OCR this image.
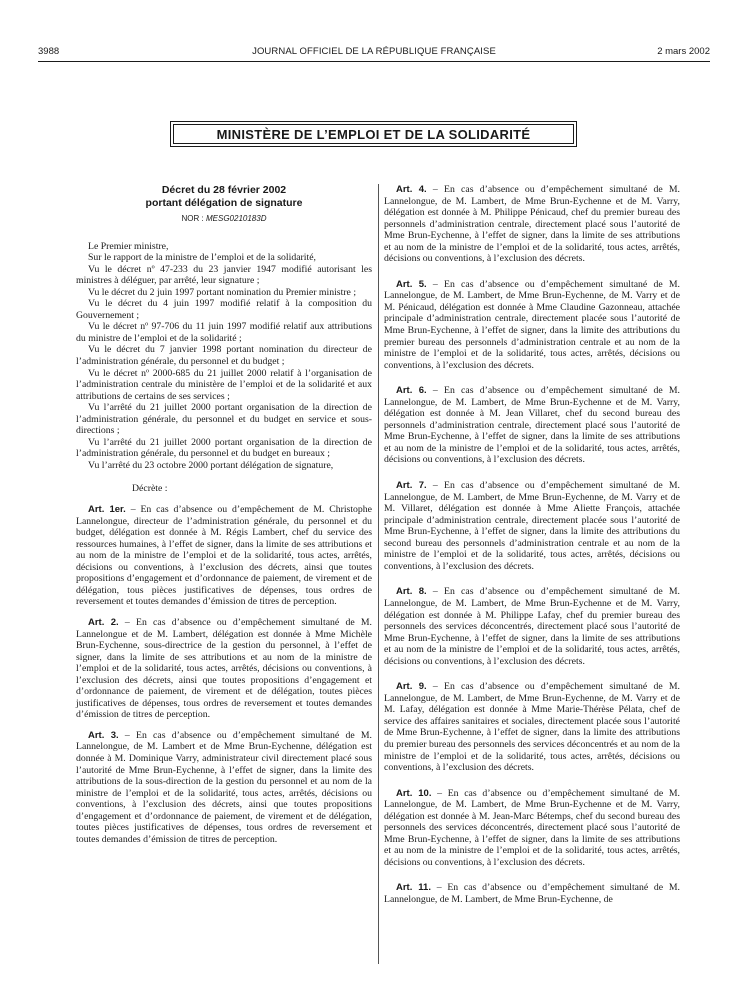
3988	JOURNAL OFFICIEL DE LA RÉPUBLIQUE FRANÇAISE	2 mars 2002
MINISTÈRE DE L’EMPLOI ET DE LA SOLIDARITÉ
Décret du 28 février 2002
portant délégation de signature
NOR : MESG0210183D

Le Premier ministre,

Sur le rapport de la ministre de l’emploi et de la solidarité,

Vu le décret nº 47-233 du 23 janvier 1947 modifié autorisant les ministres à déléguer, par arrêté, leur signature ;

Vu le décret du 2 juin 1997 portant nomination du Premier ministre ;

Vu le décret du 4 juin 1997 modifié relatif à la composition du Gouvernement ;

Vu le décret nº 97-706 du 11 juin 1997 modifié relatif aux attributions du ministre de l’emploi et de la solidarité ;

Vu le décret du 7 janvier 1998 portant nomination du directeur de l’administration générale, du personnel et du budget ;

Vu le décret nº 2000-685 du 21 juillet 2000 relatif à l’organisation de l’administration centrale du ministère de l’emploi et de la solidarité et aux attributions de certains de ses services ;

Vu l’arrêté du 21 juillet 2000 portant organisation de la direction de l’administration générale, du personnel et du budget en service et sous-directions ;

Vu l’arrêté du 21 juillet 2000 portant organisation de la direction de l’administration générale, du personnel et du budget en bureaux ;

Vu l’arrêté du 23 octobre 2000 portant délégation de signature,

Décrète :

Art. 1er. – En cas d’absence ou d’empêchement de M. Christophe Lannelongue, directeur de l’administration générale, du personnel et du budget, délégation est donnée à M. Régis Lambert, chef du service des ressources humaines, à l’effet de signer, dans la limite de ses attributions et au nom de la ministre de l’emploi et de la solidarité, tous actes, arrêtés, décisions ou conventions, à l’exclusion des décrets, ainsi que toutes propositions d’engagement et d’ordonnance de paiement, de virement et de délégation, tous pièces justificatives de dépenses, tous ordres de reversement et toutes demandes d’émission de titres de perception.

Art. 2. – En cas d’absence ou d’empêchement simultané de M. Lannelongue et de M. Lambert, délégation est donnée à Mme Michèle Brun-Eychenne, sous-directrice de la gestion du personnel, à l’effet de signer, dans la limite de ses attributions et au nom de la ministre de l’emploi et de la solidarité, tous actes, arrêtés, décisions ou conventions, à l’exclusion des décrets, ainsi que toutes propositions d’engagement et d’ordonnance de paiement, de virement et de délégation, toutes pièces justificatives de dépenses, tous ordres de reversement et toutes demandes d’émission de titres de perception.

Art. 3. – En cas d’absence ou d’empêchement simultané de M. Lannelongue, de M. Lambert et de Mme Brun-Eychenne, délégation est donnée à M. Dominique Varry, administrateur civil directement placé sous l’autorité de Mme Brun-Eychenne, à l’effet de signer, dans la limite des attributions de la sous-direction de la gestion du personnel et au nom de la ministre de l’emploi et de la solidarité, tous actes, arrêtés, décisions ou conventions, à l’exclusion des décrets, ainsi que toutes propositions d’engagement et d’ordonnance de paiement, de virement et de délégation, toutes pièces justificatives de dépenses, tous ordres de reversement et toutes demandes d’émission de titres de perception.

Art. 4. – En cas d’absence ou d’empêchement simultané de M. Lannelongue, de M. Lambert, de Mme Brun-Eychenne et de M. Varry, délégation est donnée à M. Philippe Pénicaud, chef du premier bureau des personnels d’administration centrale, directement placé sous l’autorité de Mme Brun-Eychenne, à l’effet de signer, dans la limite de ses attributions et au nom de la ministre de l’emploi et de la solidarité, tous actes, arrêtés, décisions ou conventions, à l’exclusion des décrets.

Art. 5. – En cas d’absence ou d’empêchement simultané de M. Lannelongue, de M. Lambert, de Mme Brun-Eychenne, de M. Varry et de M. Pénicaud, délégation est donnée à Mme Claudine Gazonneau, attachée principale d’administration centrale, directement placée sous l’autorité de Mme Brun-Eychenne, à l’effet de signer, dans la limite des attributions du premier bureau des personnels d’administration centrale et au nom de la ministre de l’emploi et de la solidarité, tous actes, arrêtés, décisions ou conventions, à l’exclusion des décrets.

Art. 6. – En cas d’absence ou d’empêchement simultané de M. Lannelongue, de M. Lambert, de Mme Brun-Eychenne et de M. Varry, délégation est donnée à M. Jean Villaret, chef du second bureau des personnels d’administration centrale, directement placé sous l’autorité de Mme Brun-Eychenne, à l’effet de signer, dans la limite de ses attributions et au nom de la ministre de l’emploi et de la solidarité, tous actes, arrêtés, décisions ou conventions, à l’exclusion des décrets.

Art. 7. – En cas d’absence ou d’empêchement simultané de M. Lannelongue, de M. Lambert, de Mme Brun-Eychenne, de M. Varry et de M. Villaret, délégation est donnée à Mme Aliette François, attachée principale d’administration centrale, directement placée sous l’autorité de Mme Brun-Eychenne, à l’effet de signer, dans la limite des attributions du second bureau des personnels d’administration centrale et au nom de la ministre de l’emploi et de la solidarité, tous actes, arrêtés, décisions ou conventions, à l’exclusion des décrets.

Art. 8. – En cas d’absence ou d’empêchement simultané de M. Lannelongue, de M. Lambert, de Mme Brun-Eychenne et de M. Varry, délégation est donnée à M. Philippe Lafay, chef du premier bureau des personnels des services déconcentrés, directement placé sous l’autorité de Mme Brun-Eychenne, à l’effet de signer, dans la limite de ses attributions et au nom de la ministre de l’emploi et de la solidarité, tous actes, arrêtés, décisions ou conventions, à l’exclusion des décrets.

Art. 9. – En cas d’absence ou d’empêchement simultané de M. Lannelongue, de M. Lambert, de Mme Brun-Eychenne, de M. Varry et de M. Lafay, délégation est donnée à Mme Marie-Thérèse Pélata, chef de service des affaires sanitaires et sociales, directement placée sous l’autorité de Mme Brun-Eychenne, à l’effet de signer, dans la limite des attributions du premier bureau des personnels des services déconcentrés et au nom de la ministre de l’emploi et de la solidarité, tous actes, arrêtés, décisions ou conventions, à l’exclusion des décrets.

Art. 10. – En cas d’absence ou d’empêchement simultané de M. Lannelongue, de M. Lambert, de Mme Brun-Eychenne et de M. Varry, délégation est donnée à M. Jean-Marc Bétemps, chef du second bureau des personnels des services déconcentrés, directement placé sous l’autorité de Mme Brun-Eychenne, à l’effet de signer, dans la limite de ses attributions et au nom de la ministre de l’emploi et de la solidarité, tous actes, arrêtés, décisions ou conventions, à l’exclusion des décrets.

Art. 11. – En cas d’absence ou d’empêchement simultané de M. Lannelongue, de M. Lambert, de Mme Brun-Eychenne, de
